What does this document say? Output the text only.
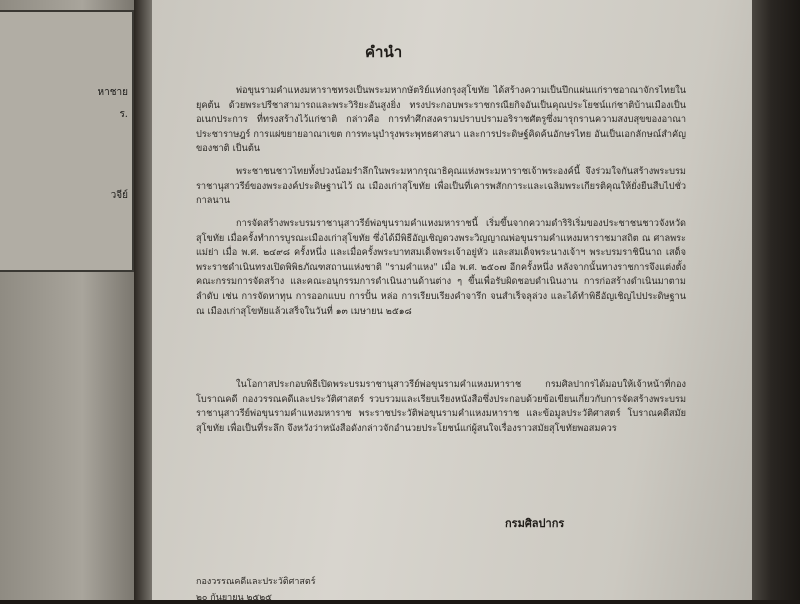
หาชาย
ร.
วจีย์
คำนำ

พ่อขุนรามคำแหงมหาราชทรงเป็นพระมหากษัตริย์แห่งกรุงสุโขทัย ได้สร้างความเป็นปึกแผ่นแก่ราชอาณาจักรไทยในยุคต้น ด้วยพระปรีชาสามารถและพระวิริยะอันสูงยิ่ง ทรงประกอบพระราชกรณียกิจอันเป็นคุณประโยชน์แก่ชาติบ้านเมืองเป็นอเนกประการ ที่ทรงสร้างไว้แก่ชาติ กล่าวคือ การทำศึกสงครามปราบปรามอริราชศัตรูซึ่งมารุกรานความสงบสุขของอาณาประชาราษฎร์ การแผ่ขยายอาณาเขต การทะนุบำรุงพระพุทธศาสนา และการประดิษฐ์คิดค้นอักษรไทย อันเป็นเอกลักษณ์สำคัญของชาติ เป็นต้น

พระชาชนชาวไทยทั้งปวงน้อมรำลึกในพระมหากรุณาธิคุณแห่งพระมหาราชเจ้าพระองค์นี้ จึงร่วมใจกันสร้างพระบรมราชานุสาวรีย์ของพระองค์ประดิษฐานไว้ ณ เมืองเก่าสุโขทัย เพื่อเป็นที่เคารพสักการะและเฉลิมพระเกียรติคุณให้ยั่งยืนสืบไปชั่วกาลนาน

การจัดสร้างพระบรมราชานุสาวรีย์พ่อขุนรามคำแหงมหาราชนี้ เริ่มขึ้นจากความดำริริเริ่มของประชาชนชาวจังหวัดสุโขทัย เมื่อครั้งทำการบูรณะเมืองเก่าสุโขทัย ซึ่งได้มีพิธีอัญเชิญดวงพระวิญญาณพ่อขุนรามคำแหงมหาราชมาสถิต ณ ศาลพระแม่ย่า เมื่อ พ.ศ. ๒๔๙๘ ครั้งหนึ่ง และเมื่อครั้งพระบาทสมเด็จพระเจ้าอยู่หัว และสมเด็จพระนางเจ้าฯ พระบรมราชินีนาถ เสด็จพระราชดำเนินทรงเปิดพิพิธภัณฑสถานแห่งชาติ "รามคำแหง" เมื่อ พ.ศ. ๒๕๐๗ อีกครั้งหนึ่ง หลังจากนั้นทางราชการจึงแต่งตั้งคณะกรรมการจัดสร้าง และคณะอนุกรรมการดำเนินงานด้านต่าง ๆ ขึ้นเพื่อรับผิดชอบดำเนินงาน การก่อสร้างดำเนินมาตามลำดับ เช่น การจัดหาทุน การออกแบบ การปั้น หล่อ การเรียบเรียงคำจารึก จนสำเร็จลุล่วง และได้ทำพิธีอัญเชิญไปประดิษฐาน ณ เมืองเก่าสุโขทัยแล้วเสร็จในวันที่ ๑๓ เมษายน ๒๕๑๘

ในโอกาสประกอบพิธีเปิดพระบรมราชานุสาวรีย์พ่อขุนรามคำแหงมหาราช กรมศิลปากรได้มอบให้เจ้าหน้าที่กองโบราณคดี กองวรรณคดีและประวัติศาสตร์ รวบรวมและเรียบเรียงหนังสือซึ่งประกอบด้วยข้อเขียนเกี่ยวกับการจัดสร้างพระบรมราชานุสาวรีย์พ่อขุนรามคำแหงมหาราช พระราชประวัติพ่อขุนรามคำแหงมหาราช และข้อมูลประวัติศาสตร์ โบราณคดีสมัยสุโขทัย เพื่อเป็นที่ระลึก จึงหวังว่าหนังสือดังกล่าวจักอำนวยประโยชน์แก่ผู้สนใจเรื่องราวสมัยสุโขทัยพอสมควร

กรมศิลปากร
กองวรรณคดีและประวัติศาสตร์
๒๐ กันยายน ๒๕๒๕
